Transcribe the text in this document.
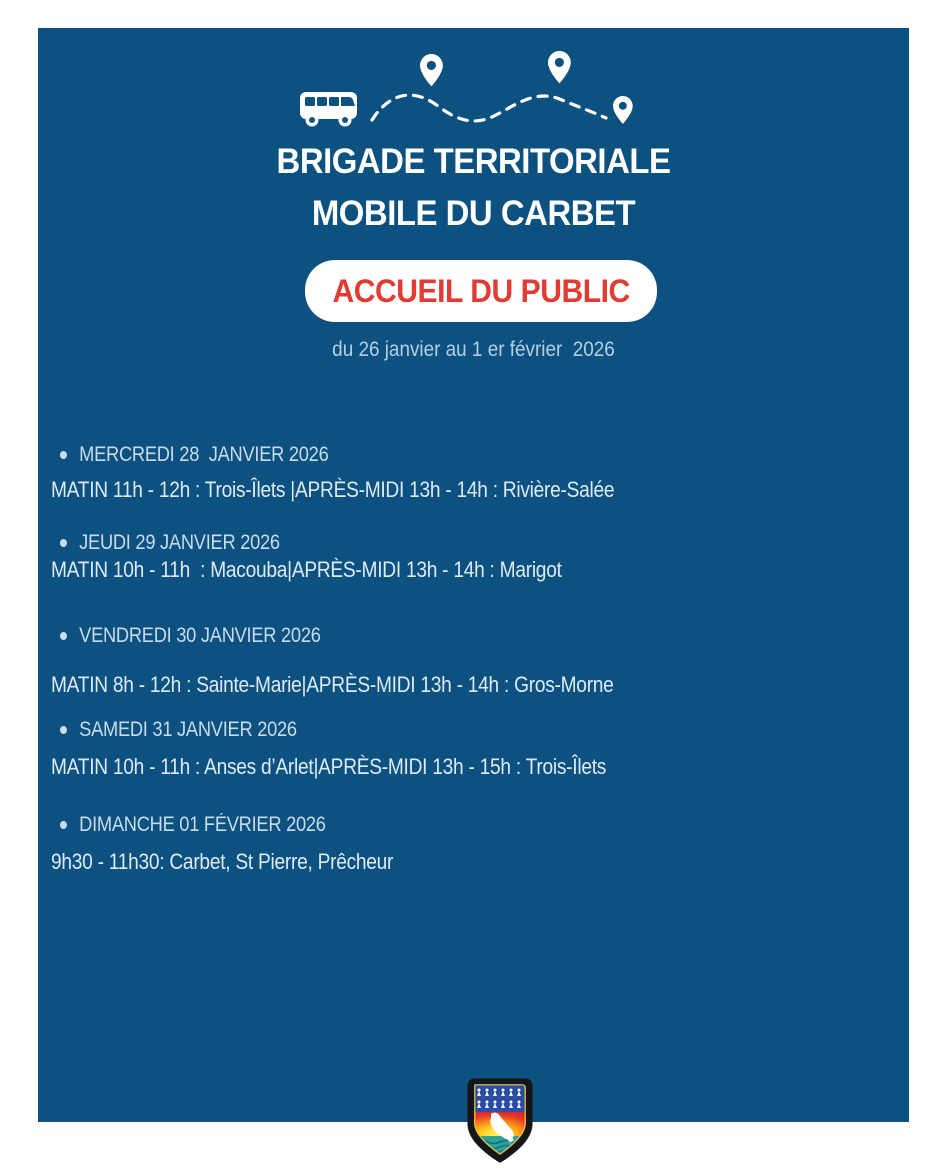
BRIGADE TERRITORIALE
MOBILE DU CARBET
ACCUEIL DU PUBLIC
du 26 janvier au 1 er février  2026
MERCREDI 28  JANVIER 2026
MATIN 11h - 12h : Trois-Îlets |APRÈS-MIDI 13h - 14h : Rivière-Salée
JEUDI 29 JANVIER 2026
MATIN 10h - 11h  : Macouba|APRÈS-MIDI 13h - 14h : Marigot
VENDREDI 30 JANVIER 2026
MATIN 8h - 12h : Sainte-Marie|APRÈS-MIDI 13h - 14h : Gros-Morne
SAMEDI 31 JANVIER 2026
MATIN 10h - 11h : Anses d’Arlet|APRÈS-MIDI 13h - 15h : Trois-Îlets
DIMANCHE 01 FÉVRIER 2026
9h30 - 11h30: Carbet, St Pierre, Prêcheur
